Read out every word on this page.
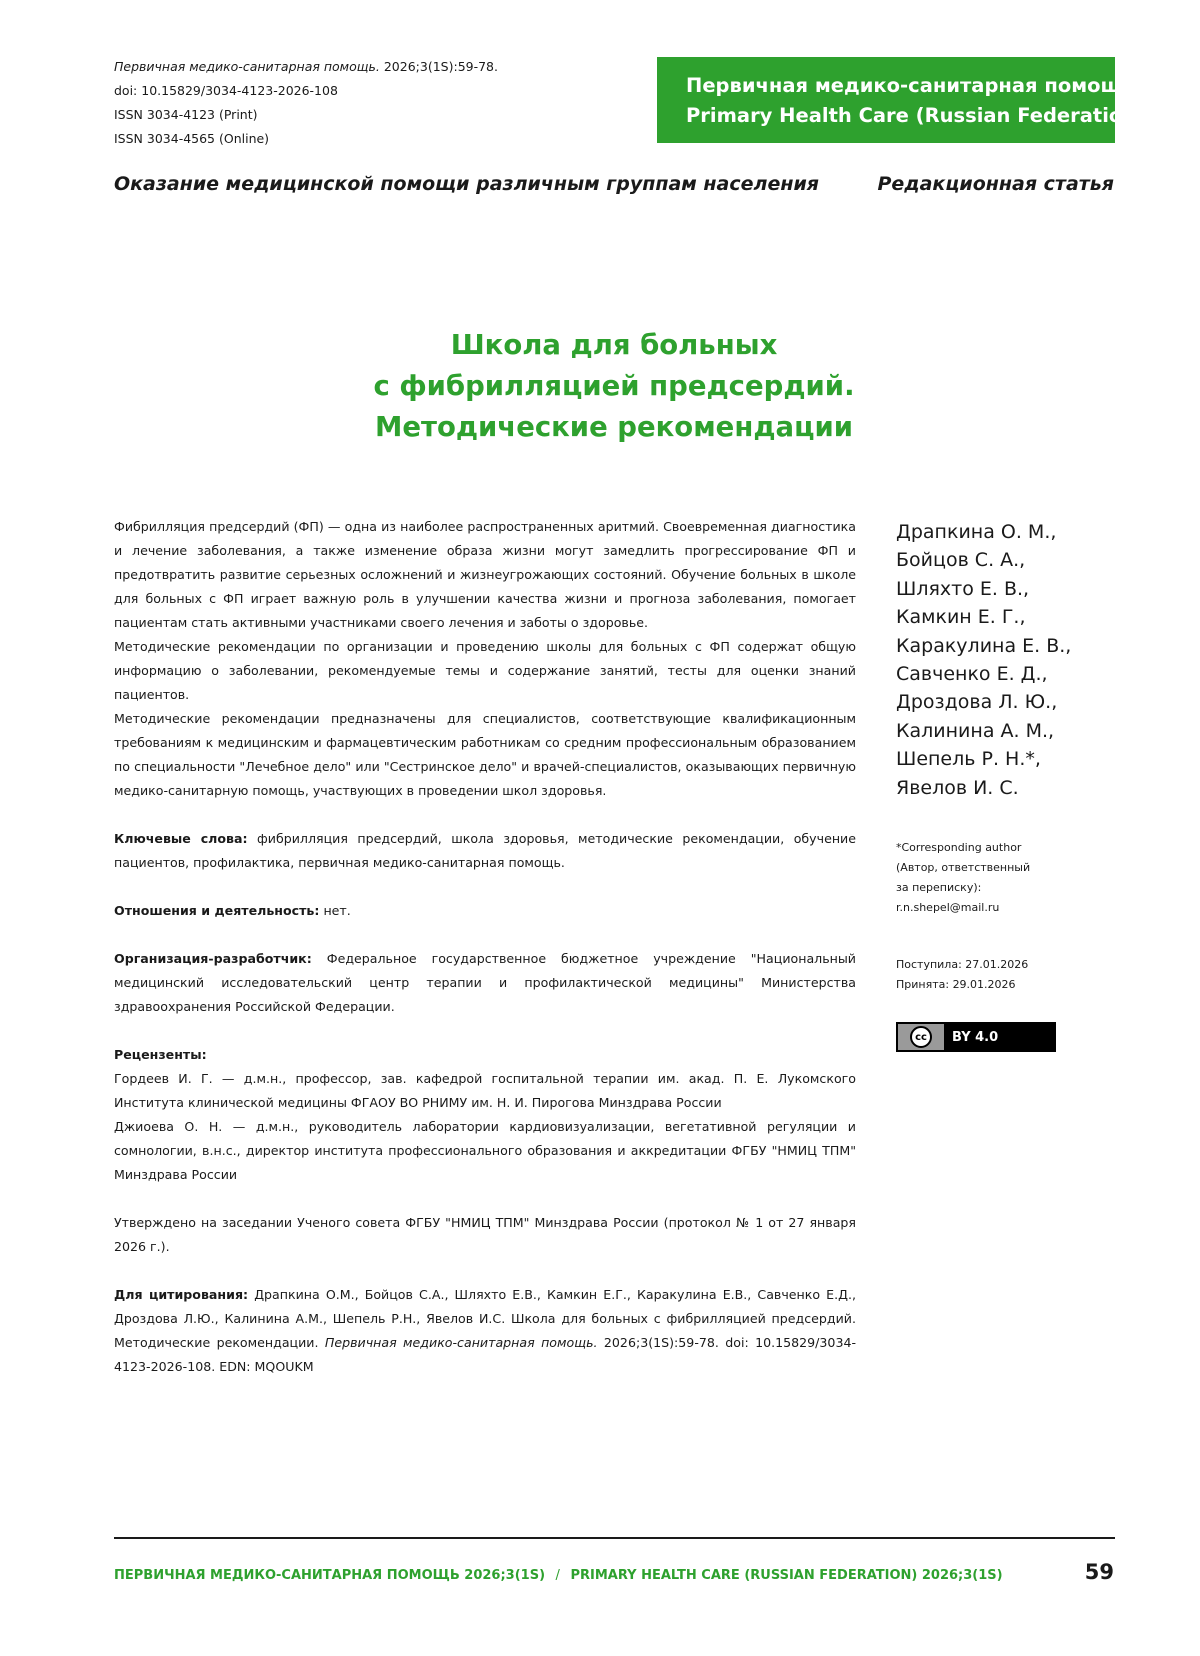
Первичная медико-санитарная помощь. 2026;3(1S):59-78.
doi: 10.15829/3034-4123-2026-108
ISSN 3034-4123 (Print)
ISSN 3034-4565 (Online)
Первичная медико-санитарная помощь
Primary Health Care (Russian Federation)
Оказание медицинской помощи различным группам населения	Редакционная статья
Школа для больных
с фибрилляцией предсердий.
Методические рекомендации

Фибрилляция предсердий (ФП) — одна из наиболее распространенных аритмий. Своевременная диагностика и лечение заболевания, а также изменение образа жизни могут замедлить прогрессирование ФП и предотвратить развитие серьезных осложнений и жизнеугрожающих состояний. Обучение больных в школе для больных с ФП играет важную роль в улучшении качества жизни и прогноза заболевания, помогает пациентам стать активными участниками своего лечения и заботы о здоровье.

Методические рекомендации по организации и проведению школы для больных с ФП содержат общую информацию о заболевании, рекомендуемые темы и содержание занятий, тесты для оценки знаний пациентов.

Методические рекомендации предназначены для специалистов, соответствующие квалификационным требованиям к медицинским и фармацевтическим работникам со средним профессиональным образованием по специальности "Лечебное дело" или "Сестринское дело" и врачей-специалистов, оказывающих первичную медико-санитарную помощь, участвующих в проведении школ здоровья.

Ключевые слова: фибрилляция предсердий, школа здоровья, методические рекомендации, обучение пациентов, профилактика, первичная медико-санитарная помощь.

Отношения и деятельность: нет.

Организация-разработчик: Федеральное государственное бюджетное учреждение "Национальный медицинский исследовательский центр терапии и профилактической медицины" Министерства здравоохранения Российской Федерации.

Рецензенты:

Гордеев И. Г. — д.м.н., профессор, зав. кафедрой госпитальной терапии им. акад. П. Е. Лукомского Института клинической медицины ФГАОУ ВО РНИМУ им. Н. И. Пирогова Минздрава России

Джиоева О. Н. — д.м.н., руководитель лаборатории кардиовизуализации, вегетативной регуляции и сомнологии, в.н.с., директор института профессионального образования и аккредитации ФГБУ "НМИЦ ТПМ" Минздрава России

Утверждено на заседании Ученого совета ФГБУ "НМИЦ ТПМ" Минздрава России (протокол № 1 от 27 января 2026 г.).

Для цитирования: Драпкина О.М., Бойцов С.А., Шляхто Е.В., Камкин Е.Г., Каракулина Е.В., Савченко Е.Д., Дроздова Л.Ю., Калинина А.М., Шепель Р.Н., Явелов И.С. Школа для больных с фибрилляцией предсердий. Методические рекомендации. Первичная медико-санитарная помощь. 2026;3(1S):59-78. doi: 10.15829/3034-4123-2026-108. EDN: MQOUKM

Драпкина О. М.,
Бойцов С. А.,
Шляхто Е. В.,
Камкин Е. Г.,
Каракулина Е. В.,
Савченко Е. Д.,
Дроздова Л. Ю.,
Калинина А. М.,
Шепель Р. Н.*,
Явелов И. С.
*Corresponding author
(Автор, ответственный
за переписку):
r.n.shepel@mail.ru
Поступила: 27.01.2026
Принята: 29.01.2026
cc	BY 4.0
ПЕРВИЧНАЯ МЕДИКО-САНИТАРНАЯ ПОМОЩЬ 2026;3(1S) / PRIMARY HEALTH CARE (RUSSIAN FEDERATION) 2026;3(1S)	59
